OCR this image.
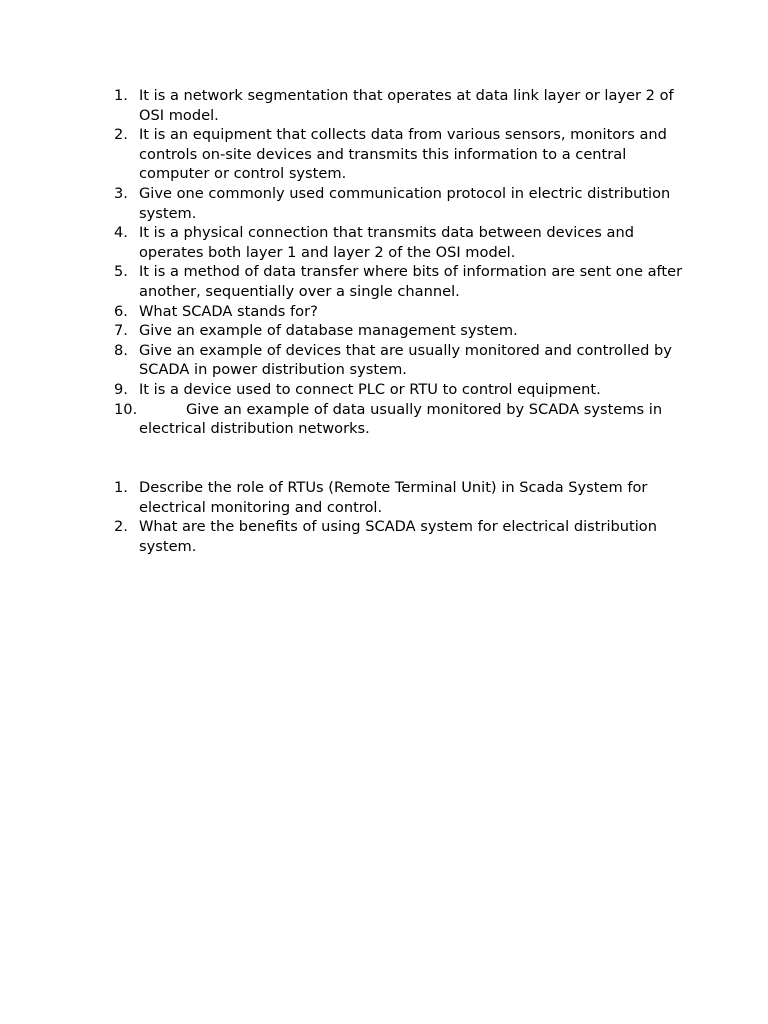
1. It is a network segmentation that operates at data link layer or layer 2 of OSI model.
2. It is an equipment that collects data from various sensors, monitors and controls on-site devices and transmits this information to a central computer or control system.
3. Give one commonly used communication protocol in electric distribution system.
4. It is a physical connection that transmits data between devices and operates both layer 1 and layer 2 of the OSI model.
5. It is a method of data transfer where bits of information are sent one after another, sequentially over a single channel.
6. What SCADA stands for?
7. Give an example of database management system.
8. Give an example of devices that are usually monitored and controlled by SCADA in power distribution system.
9. It is a device used to connect PLC or RTU to control equipment.
10.	Give an example of data usually monitored by SCADA systems in electrical distribution networks.
1. Describe the role of RTUs (Remote Terminal Unit) in Scada System for electrical monitoring and control.
2. What are the benefits of using SCADA system for electrical distribution system.
